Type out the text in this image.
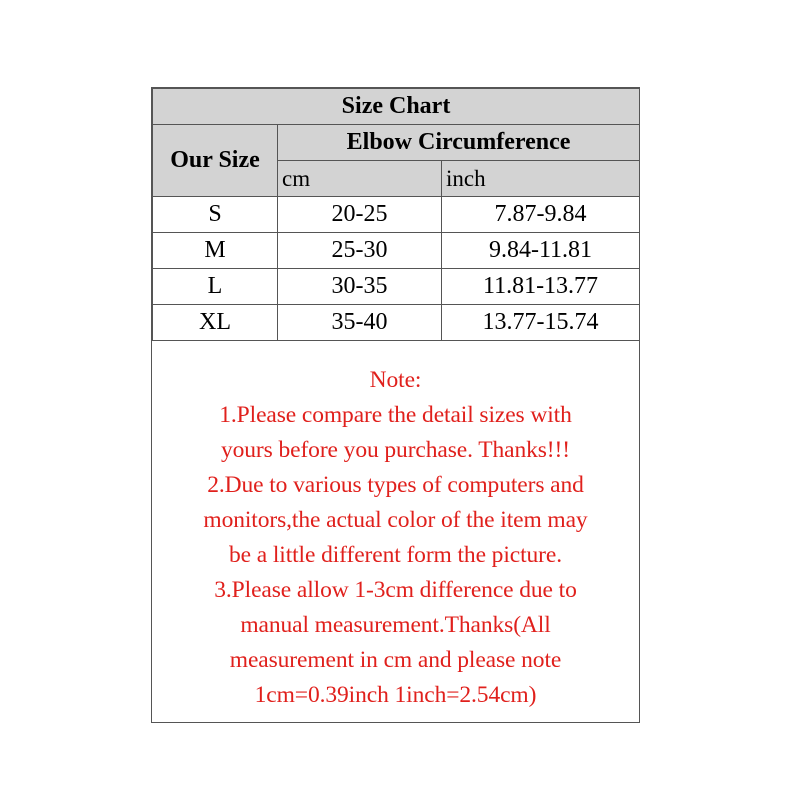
Size Chart		
Our Size	Elbow Circumference	
	cm	inch
S	20-25	7.87-9.84
M	25-30	9.84-11.81
L	30-35	11.81-13.77
XL	35-40	13.77-15.74
Note:
1.Please compare the detail sizes with
yours before you purchase. Thanks!!!
2.Due to various types of computers and
monitors,the actual color of the item may
be a little different form the picture.
3.Please allow 1-3cm difference due to
manual measurement.Thanks(All
measurement in cm and please note
1cm=0.39inch 1inch=2.54cm)
